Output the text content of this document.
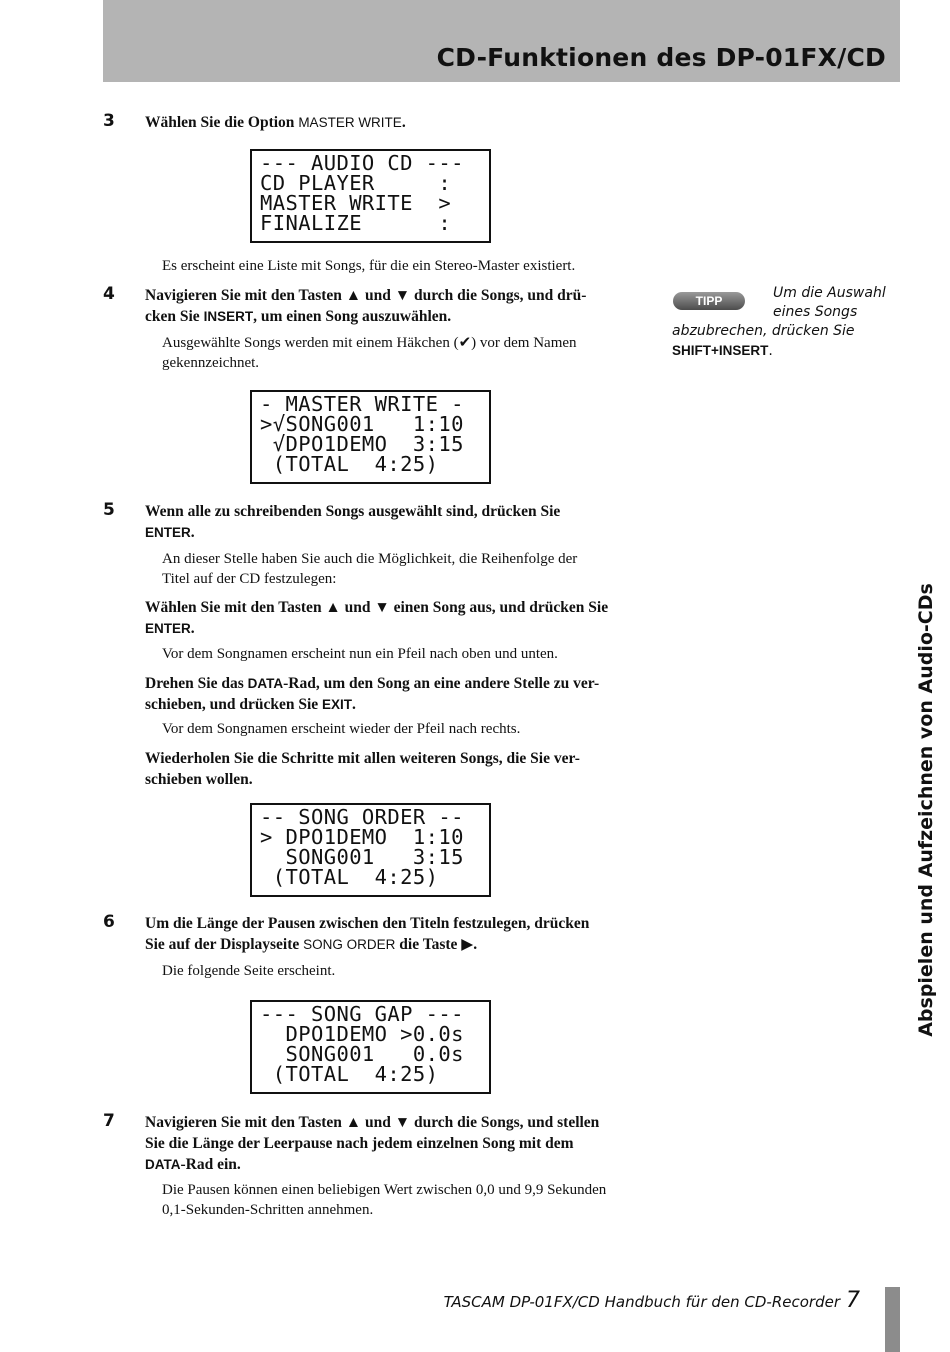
CD-Funktionen des DP-01FX/CD
3 Wählen Sie die Option MASTER WRITE.
--- AUDIO CD ---
CD PLAYER     :
MASTER WRITE  >
FINALIZE      :
Es erscheint eine Liste mit Songs, für die ein Stereo-Master existiert.
4 Navigieren Sie mit den Tasten ▲ und ▼ durch die Songs, und drü-
cken Sie INSERT, um einen Song auszuwählen.
Ausgewählte Songs werden mit einem Häkchen (✔) vor dem Namen
gekennzeichnet.
- MASTER WRITE -
>√SONG001   1:10
√DPO1DEMO  3:15
(TOTAL  4:25)
5 Wenn alle zu schreibenden Songs ausgewählt sind, drücken Sie
ENTER.
An dieser Stelle haben Sie auch die Möglichkeit, die Reihenfolge der
Titel auf der CD festzulegen:
Wählen Sie mit den Tasten ▲ und ▼ einen Song aus, und drücken Sie
ENTER.
Vor dem Songnamen erscheint nun ein Pfeil nach oben und unten.
Drehen Sie das DATA-Rad, um den Song an eine andere Stelle zu ver-
schieben, und drücken Sie EXIT.
Vor dem Songnamen erscheint wieder der Pfeil nach rechts.
Wiederholen Sie die Schritte mit allen weiteren Songs, die Sie ver-
schieben wollen.
-- SONG ORDER --
> DPO1DEMO  1:10
SONG001   3:15
(TOTAL  4:25)
6 Um die Länge der Pausen zwischen den Titeln festzulegen, drücken
Sie auf der Displayseite SONG ORDER die Taste ▶.
Die folgende Seite erscheint.
--- SONG GAP ---
DPO1DEMO >0.0s
SONG001   0.0s
(TOTAL  4:25)
7 Navigieren Sie mit den Tasten ▲ und ▼ durch die Songs, und stellen
Sie die Länge der Leerpause nach jedem einzelnen Song mit dem
DATA-Rad ein.
Die Pausen können einen beliebigen Wert zwischen 0,0 und 9,9 Sekunden
0,1-Sekunden-Schritten annehmen.
TIPP	Um die Auswahl
eines Songs
abzubrechen, drücken Sie
SHIFT+INSERT.
Abspielen und Aufzeichnen von Audio-CDs
TASCAM DP-01FX/CD Handbuch für den CD-Recorder 7
